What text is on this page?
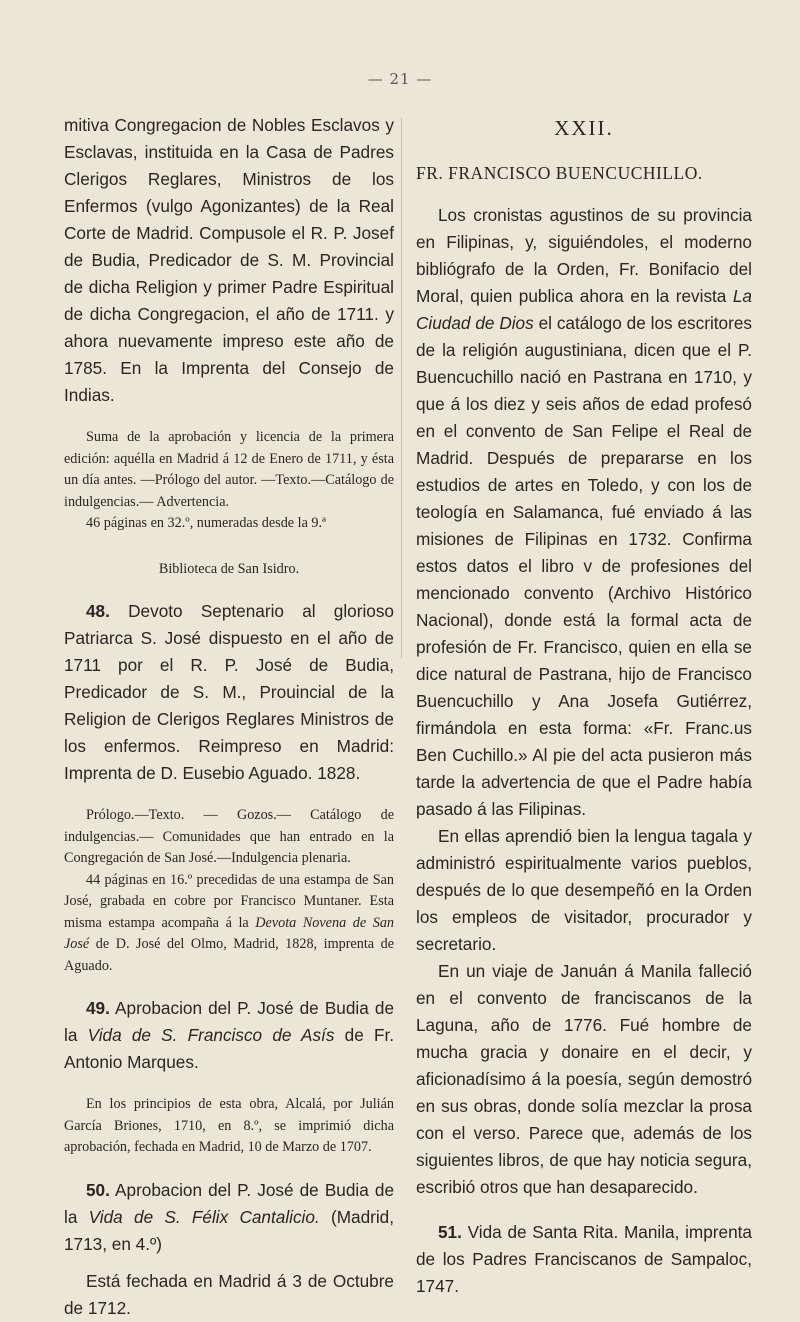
— 21 —

mitiva Congregacion de Nobles Esclavos y Esclavas, instituida en la Casa de Padres Clerigos Reglares, Ministros de los Enfermos (vulgo Agonizantes) de la Real Corte de Madrid. Compusole el R. P. Josef de Budia, Predicador de S. M. Provincial de dicha Religion y primer Padre Espiritual de dicha Congregacion, el año de 1711. y ahora nuevamente impreso este año de 1785. En la Imprenta del Consejo de Indias.

Suma de la aprobación y licencia de la primera edición: aquélla en Madrid á 12 de Enero de 1711, y ésta un día antes. —Prólogo del autor. —Texto.—Catálogo de indulgencias.— Advertencia.

46 páginas en 32.º, numeradas desde la 9.ª

Biblioteca de San Isidro.

48. Devoto Septenario al glorioso Patriarca S. José dispuesto en el año de 1711 por el R. P. José de Budia, Predicador de S. M., Prouincial de la Religion de Clerigos Reglares Ministros de los enfermos. Reimpreso en Madrid: Imprenta de D. Eusebio Aguado. 1828.

Prólogo.—Texto. — Gozos.— Catálogo de indulgencias.— Comunidades que han entrado en la Congregación de San José.—Indulgencia plenaria.

44 páginas en 16.º precedidas de una estampa de San José, grabada en cobre por Francisco Muntaner. Esta misma estampa acompaña á la Devota Novena de San José de D. José del Olmo, Madrid, 1828, imprenta de Aguado.

49. Aprobacion del P. José de Budia de la Vida de S. Francisco de Asís de Fr. Antonio Marques.

En los principios de esta obra, Alcalá, por Julián García Briones, 1710, en 8.º, se imprimió dicha aprobación, fechada en Madrid, 10 de Marzo de 1707.

50. Aprobacion del P. José de Budia de la Vida de S. Félix Cantalicio. (Madrid, 1713, en 4.º)

Está fechada en Madrid á 3 de Octubre de 1712.

XXII.
FR. FRANCISCO BUENCUCHILLO.

Los cronistas agustinos de su provincia en Filipinas, y, siguiéndoles, el moderno bibliógrafo de la Orden, Fr. Bonifacio del Moral, quien publica ahora en la revista La Ciudad de Dios el catálogo de los escritores de la religión augustiniana, dicen que el P. Buencuchillo nació en Pastrana en 1710, y que á los diez y seis años de edad profesó en el convento de San Felipe el Real de Madrid. Después de prepararse en los estudios de artes en Toledo, y con los de teología en Salamanca, fué enviado á las misiones de Filipinas en 1732. Confirma estos datos el libro v de profesiones del mencionado convento (Archivo Histórico Nacional), donde está la formal acta de profesión de Fr. Francisco, quien en ella se dice natural de Pastrana, hijo de Francisco Buencuchillo y Ana Josefa Gutiérrez, firmándola en esta forma: «Fr. Franc.us Ben Cuchillo.» Al pie del acta pusieron más tarde la advertencia de que el Padre había pasado á las Filipinas.

En ellas aprendió bien la lengua tagala y administró espiritualmente varios pueblos, después de lo que desempeñó en la Orden los empleos de visitador, procurador y secretario.

En un viaje de Januán á Manila falleció en el convento de franciscanos de la Laguna, año de 1776. Fué hombre de mucha gracia y donaire en el decir, y aficionadísimo á la poesía, según demostró en sus obras, donde solía mezclar la prosa con el verso. Parece que, además de los siguientes libros, de que hay noticia segura, escribió otros que han desaparecido.

51. Vida de Santa Rita. Manila, imprenta de los Padres Franciscanos de Sampaloc, 1747.
